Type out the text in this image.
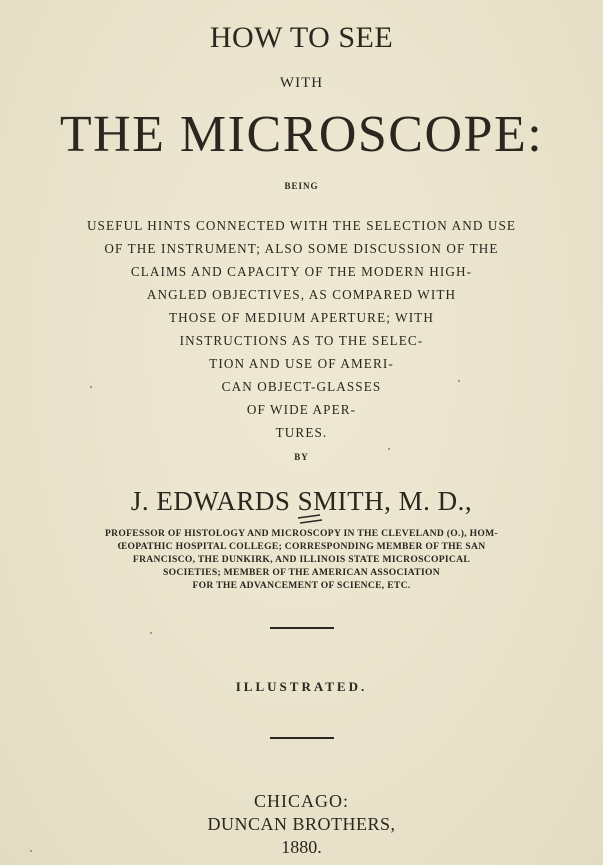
HOW TO SEE
WITH
THE MICROSCOPE:
BEING
USEFUL HINTS CONNECTED WITH THE SELECTION AND USE
OF THE INSTRUMENT; ALSO SOME DISCUSSION OF THE
CLAIMS AND CAPACITY OF THE MODERN HIGH-
ANGLED OBJECTIVES, AS COMPARED WITH
THOSE OF MEDIUM APERTURE; WITH
INSTRUCTIONS AS TO THE SELEC-
TION AND USE OF AMERI-
CAN OBJECT-GLASSES
OF WIDE APER-
TURES.
BY
J. EDWARDS SMITH, M. D.,
PROFESSOR OF HISTOLOGY AND MICROSCOPY IN THE CLEVELAND (O.), HOM-
ŒOPATHIC HOSPITAL COLLEGE; CORRESPONDING MEMBER OF THE SAN
FRANCISCO, THE DUNKIRK, AND ILLINOIS STATE MICROSCOPICAL
SOCIETIES; MEMBER OF THE AMERICAN ASSOCIATION
FOR THE ADVANCEMENT OF SCIENCE, ETC.
ILLUSTRATED.
CHICAGO:
DUNCAN BROTHERS,
1880.
